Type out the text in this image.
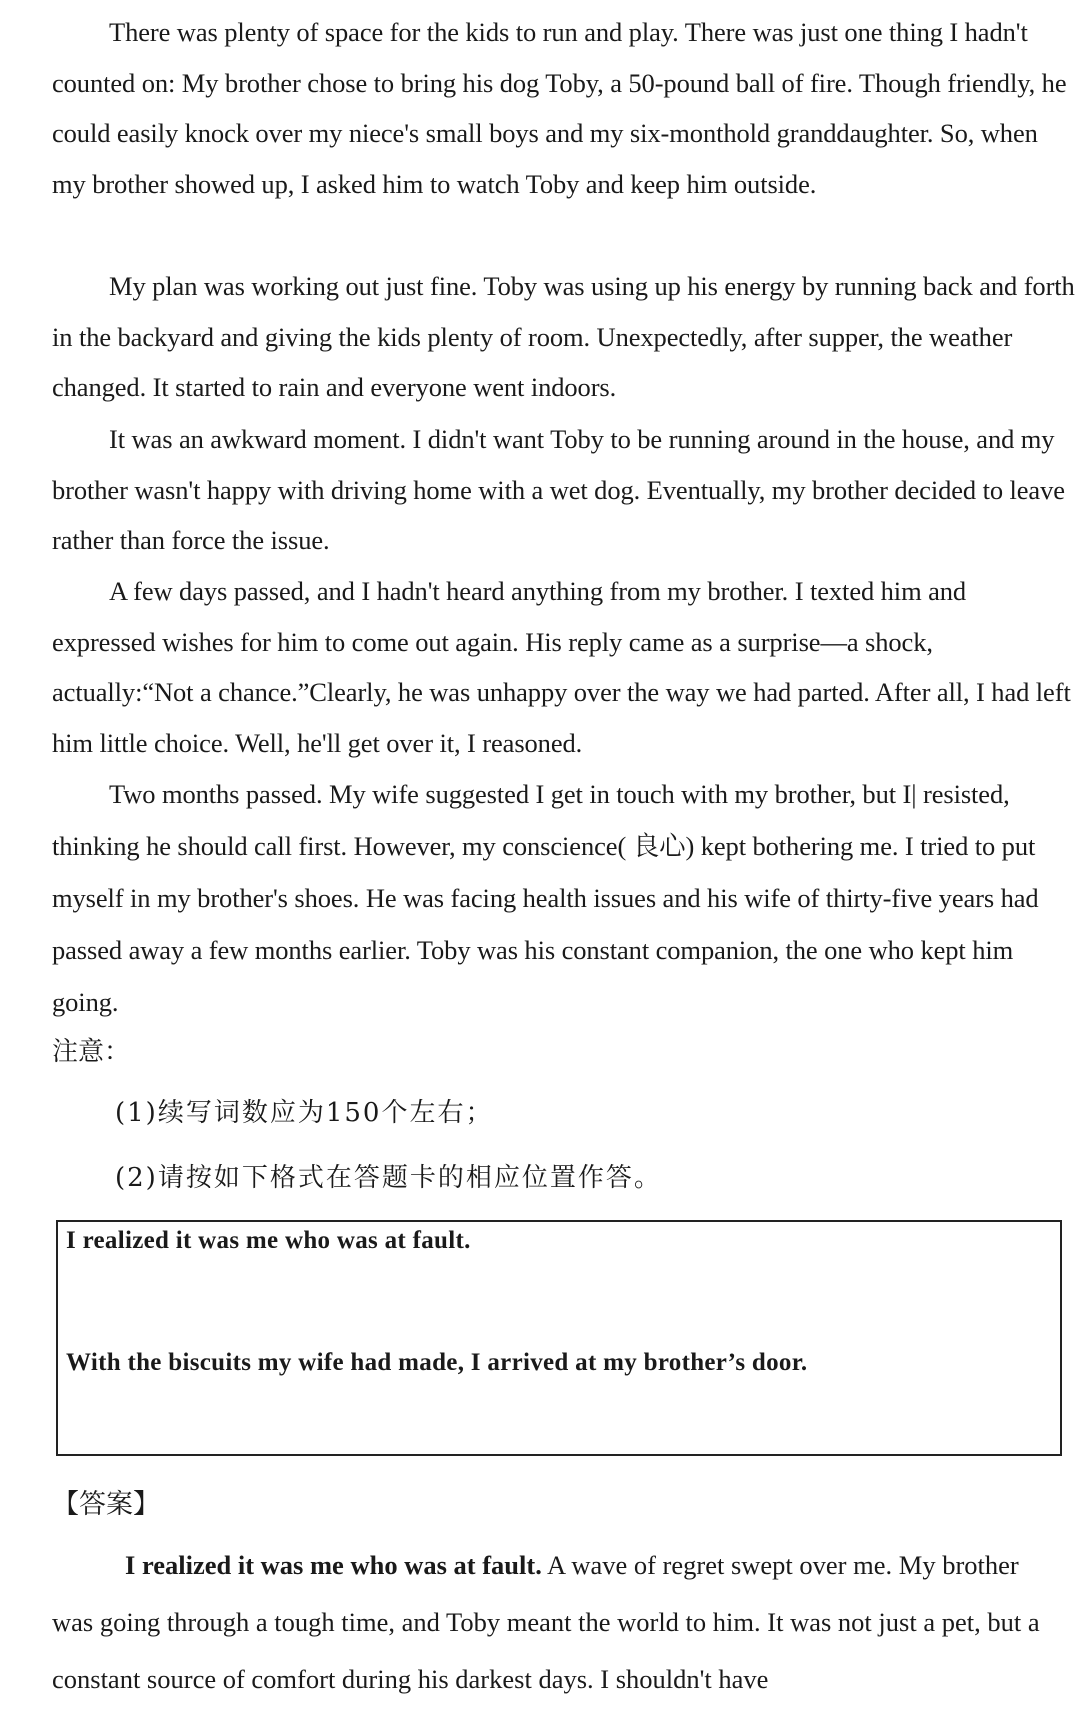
There was plenty of space for the kids to run and play. There was just one thing I hadn't counted on: My brother chose to bring his dog Toby, a 50-pound ball of fire. Though friendly, he could easily knock over my niece's small boys and my six-monthold granddaughter. So, when my brother showed up, I asked him to watch Toby and keep him outside.

My plan was working out just fine. Toby was using up his energy by running back and forth in the backyard and giving the kids plenty of room. Unexpectedly, after supper, the weather changed. It started to rain and everyone went indoors.

It was an awkward moment. I didn't want Toby to be running around in the house, and my brother wasn't happy with driving home with a wet dog. Eventually, my brother decided to leave rather than force the issue.

A few days passed, and I hadn't heard anything from my brother. I texted him and expressed wishes for him to come out again. His reply came as a surprise—a shock, actually:“Not a chance.”Clearly, he was unhappy over the way we had parted. After all, I had left him little choice. Well, he'll get over it, I reasoned.

Two months passed. My wife suggested I get in touch with my brother, but I| resisted, thinking he should call first. However, my conscience( 良心) kept bothering me. I tried to put myself in my brother's shoes. He was facing health issues and his wife of thirty-five years had passed away a few months earlier. Toby was his constant companion, the one who kept him going.

注意：
(1)续写词数应为150个左右；
(2)请按如下格式在答题卡的相应位置作答。
I realized it was me who was at fault.
With the biscuits my wife had made, I arrived at my brother’s door.
【答案】

I realized it was me who was at fault. A wave of regret swept over me. My brother was going through a tough time, and Toby meant the world to him. It was not just a pet, but a constant source of comfort during his darkest days. I shouldn't have
